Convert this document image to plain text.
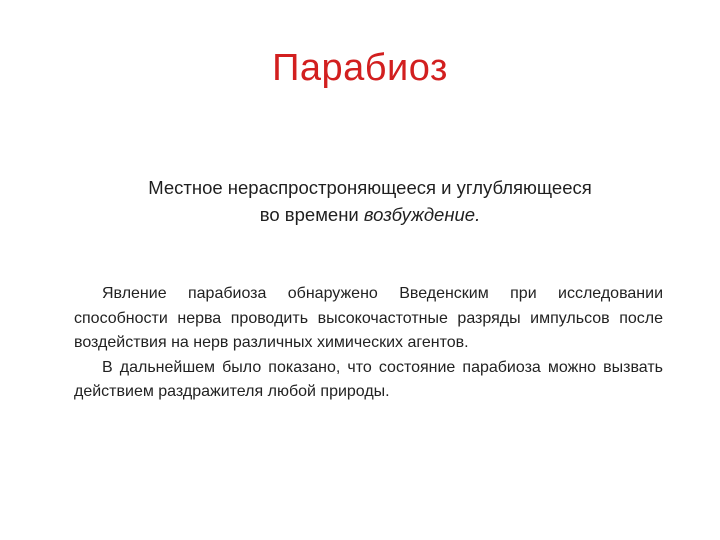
Парабиоз
Местное нераспростроняющееся и углубляющееся
во времени возбуждение.

Явление парабиоза обнаружено Введенским при исследовании способности нерва проводить высокочастотные разряды импульсов после воздействия на нерв различных химических агентов.

В дальнейшем было показано, что состояние парабиоза можно вызвать действием раздражителя любой природы.
